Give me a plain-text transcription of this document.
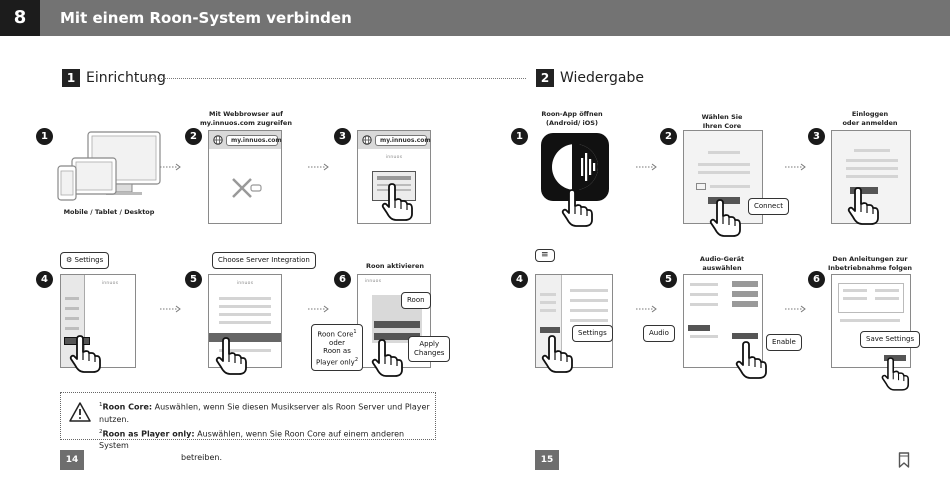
8	Mit einem Roon-System verbinden
1 Einrichtung	2 Wiedergabe
1
Mobile / Tablet / Desktop
2
Mit Webbrowser auf
my.innuos.com zugreifen
my.innuos.com	3	my.innuos.com
innuos
4	innuos
⚙ Settings
5	innuos
Choose Server Integration
6
Roon aktivieren
innuos
Roon
Roon Core$^1$
oder
Roon as
Player only$^2$
Apply
Changes
$^1$Roon Core: Auswählen, wenn Sie diesen Musikserver als Roon Server und Player nutzen.
$^2$Roon as Player only: Auswählen, wenn Sie Roon Core auf einem anderen System
betreiben.
14
1
Roon-App öffnen
(Android/ iOS)
2
Wählen Sie
Ihren Core
Connect
3
Einloggen
oder anmelden
4
≡
Settings
5
Audio-Gerät
auswählen
Audio
Enable
6
Den Anleitungen zur
Inbetriebnahme folgen
Save Settings
15
